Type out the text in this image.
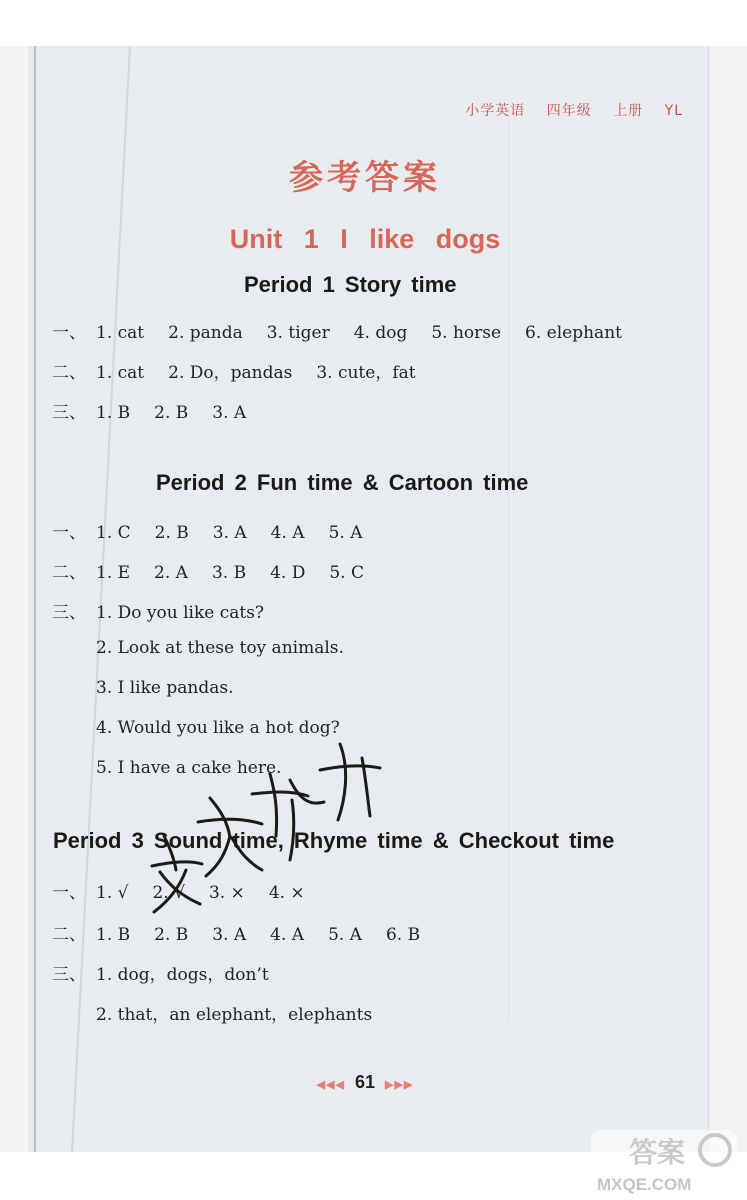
小学英语 四年级 上册 YL
参考答案
Unit 1 I like dogs
Period 1 Story time
一、 1. cat 2. panda 3. tiger 4. dog 5. horse 6. elephant
二、 1. cat 2. Do，pandas 3. cute，fat
三、 1. B 2. B 3. A
Period 2 Fun time & Cartoon time
一、 1. C 2. B 3. A 4. A 5. A
二、 1. E 2. A 3. B 4. D 5. C
三、 1. Do you like cats?
2. Look at these toy animals.
3. I like pandas.
4. Would you like a hot dog?
5. I have a cake here.
Period 3 Sound time, Rhyme time & Checkout time
一、 1. √ 2. √ 3. × 4. ×
二、 1. B 2. B 3. A 4. A 5. A 6. B
三、 1. dog，dogs，don’t
2. that，an elephant，elephants
◀◀◀ 61 ▶▶▶
答案
MXQE.COM
